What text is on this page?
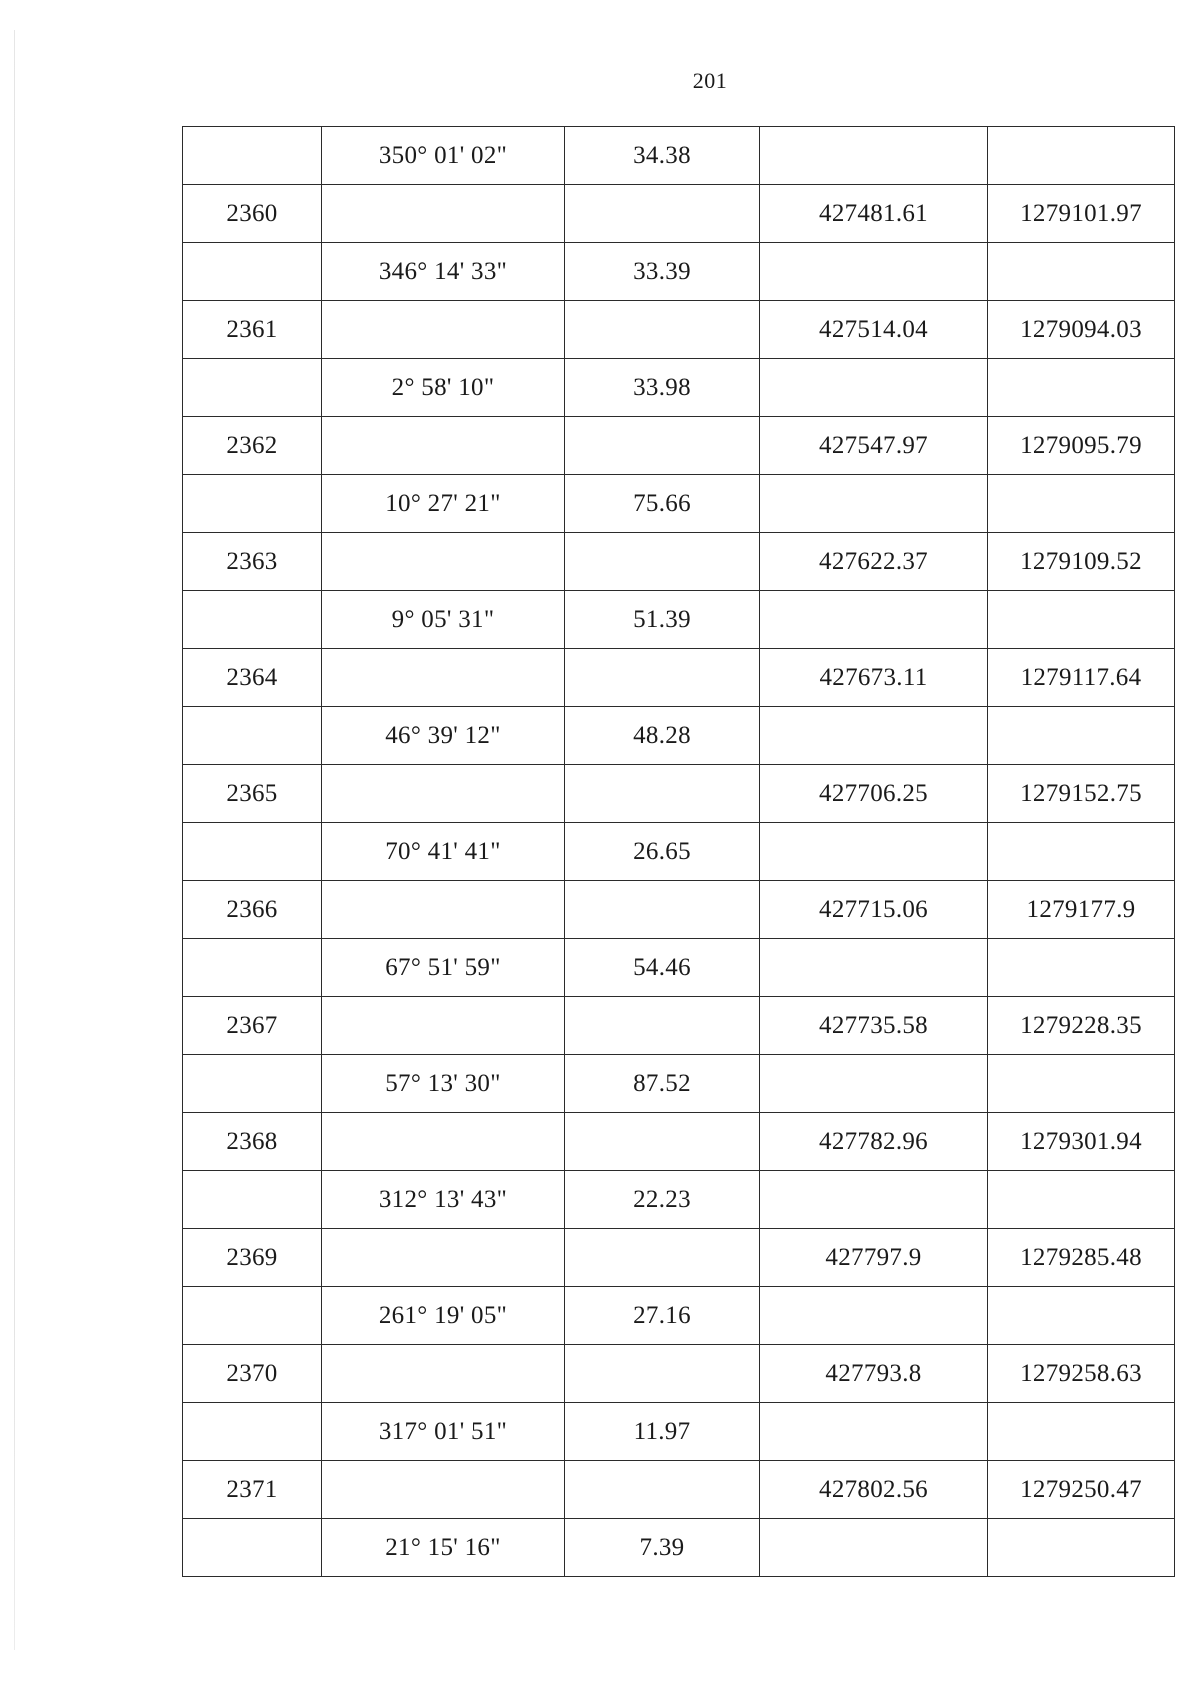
201
	350° 01' 02"	34.38		
2360			427481.61	1279101.97
	346° 14' 33"	33.39		
2361			427514.04	1279094.03
	2° 58' 10"	33.98		
2362			427547.97	1279095.79
	10° 27' 21"	75.66		
2363			427622.37	1279109.52
	9° 05' 31"	51.39		
2364			427673.11	1279117.64
	46° 39' 12"	48.28		
2365			427706.25	1279152.75
	70° 41' 41"	26.65		
2366			427715.06	1279177.9
	67° 51' 59"	54.46		
2367			427735.58	1279228.35
	57° 13' 30"	87.52		
2368			427782.96	1279301.94
	312° 13' 43"	22.23		
2369			427797.9	1279285.48
	261° 19' 05"	27.16		
2370			427793.8	1279258.63
	317° 01' 51"	11.97		
2371			427802.56	1279250.47
	21° 15' 16"	7.39		
